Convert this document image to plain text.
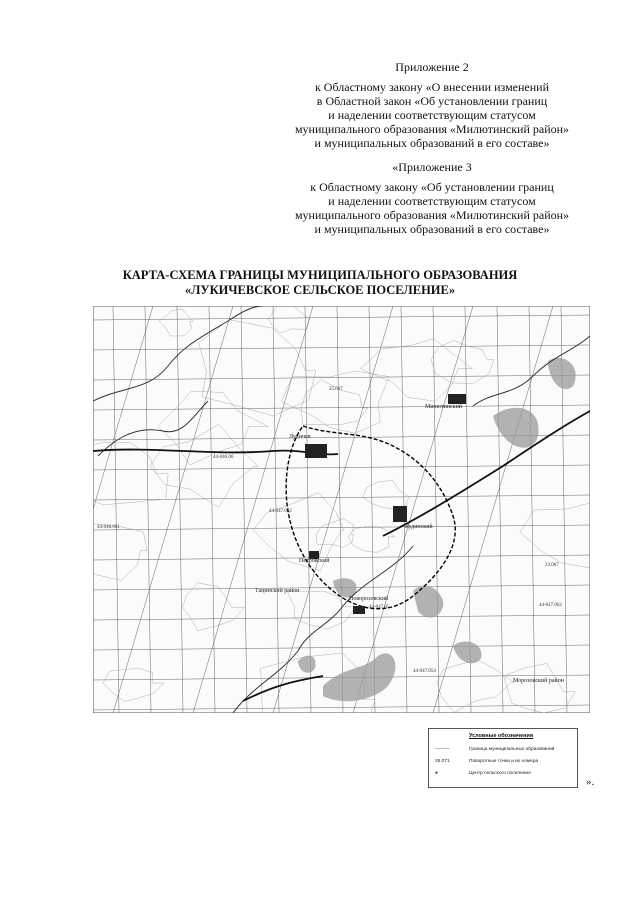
Приложение 2
к Областному закону «О внесении изменений
в Областной закон «Об установлении границ
и наделении соответствующим статусом
муниципального образования «Милютинский район»
и муниципальных образований в его составе»
«Приложение 3
к Областному закону «Об установлении границ
и наделении соответствующим статусом
муниципального образования «Милютинский район»
и муниципальных образований в его составе»
КАРТА-СХЕМА ГРАНИЦЫ МУНИЦИПАЛЬНОГО ОБРАЗОВАНИЯ
«ЛУКИЧЕВСКОЕ СЕЛЬСКОЕ ПОСЕЛЕНИЕ»
Лукичев
Милютинский
Петровский
Новорозовский
Морозовский район
Тацинский район
Кудинский
44-046.06
25.067
44-047.052
44-046.061
44-047.05
44-047.054
23.067
44-047.062
Условные обозначения
———	Граница муниципальных образований
25.071	Поворотные точки и их номера
●	Центр сельского поселения
».
